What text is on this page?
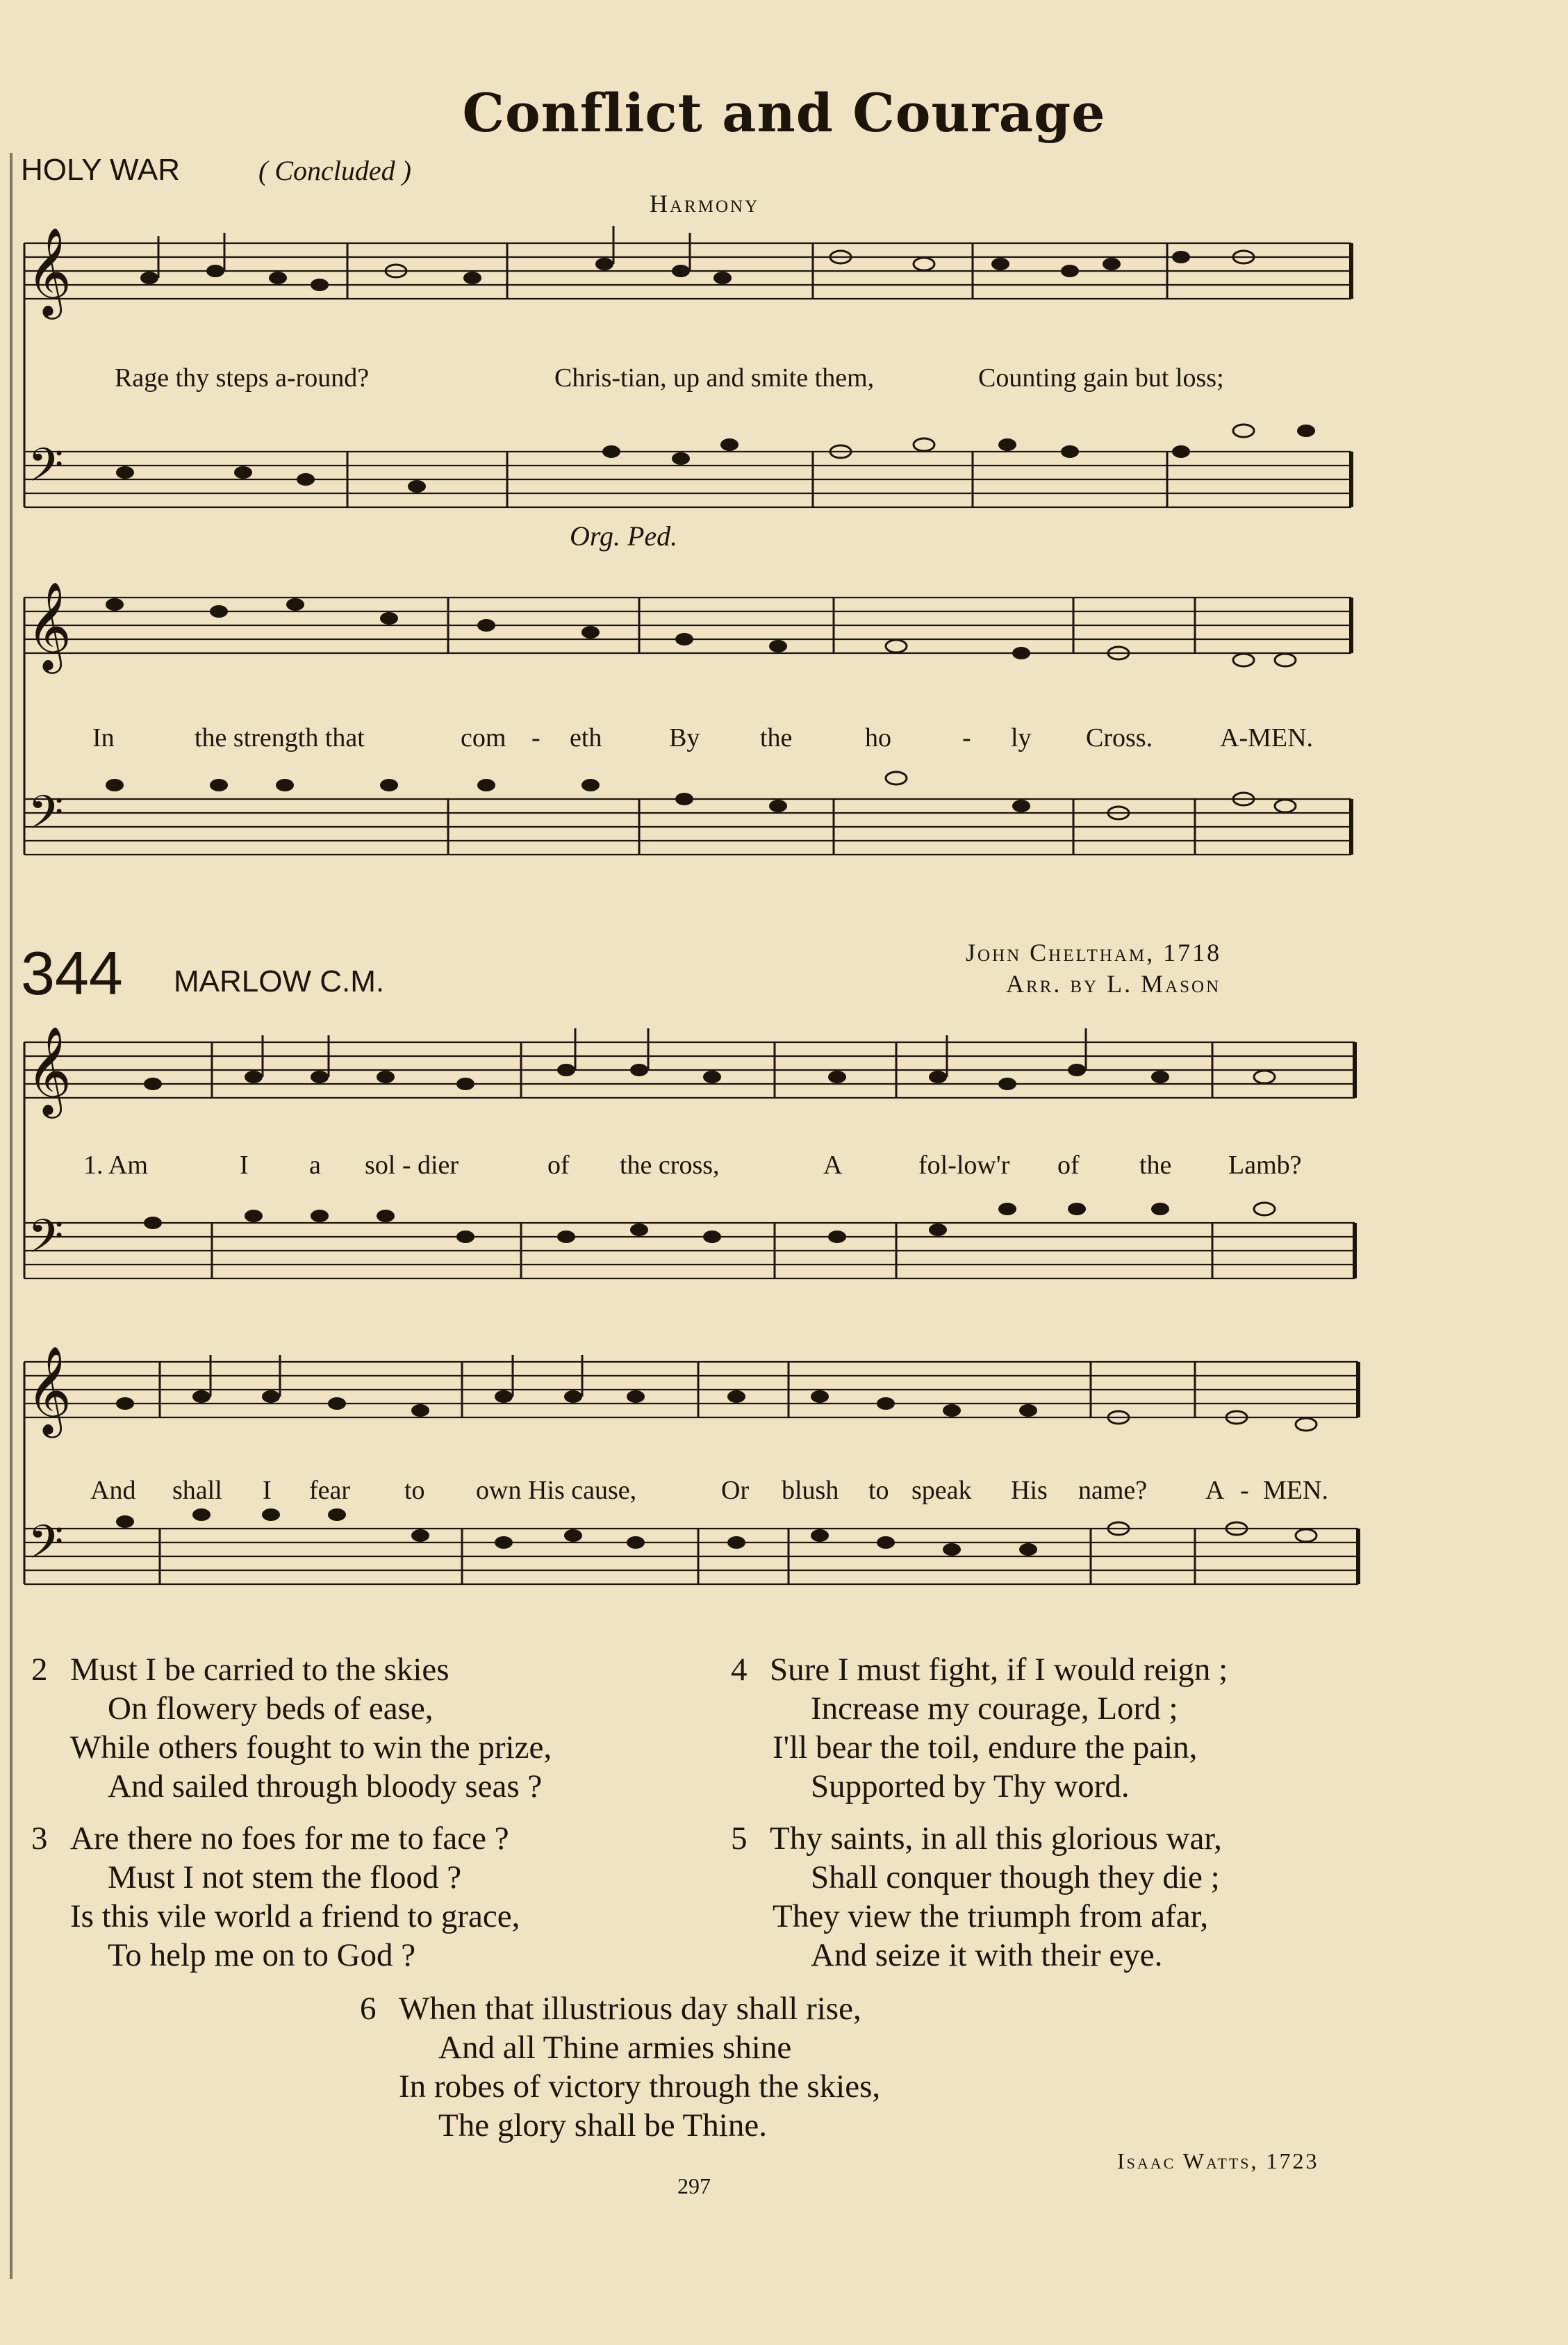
Conflict and Courage
HOLY WAR	( Concluded )
Harmony
𝄞
𝄢
Rage thy steps a-round?	Chris-tian, up and smite them,	Counting gain but loss;
Org. Ped.
𝄞
𝄢
In	the strength that	com - eth	By the	ho	- ly Cross.	A-MEN.
344 MARLOW C.M.
John Cheltham, 1718
Arr. by L. Mason
𝄞
𝄢
1. Am	I a sol - dier	of the cross,	A	fol-low'r of the Lamb?
𝄞
𝄢
And shall I fear to own His cause,	Or blush to speak His name? A - MEN.
2 Must I be carried to the skies
On flowery beds of ease,
While others fought to win the prize,
And sailed through bloody seas ?
3 Are there no foes for me to face ?
Must I not stem the flood ?
Is this vile world a friend to grace,
To help me on to God ?
4 Sure I must fight, if I would reign ;
Increase my courage, Lord ;
I'll bear the toil, endure the pain,
Supported by Thy word.
5 Thy saints, in all this glorious war,
Shall conquer though they die ;
They view the triumph from afar,
And seize it with their eye.
6 When that illustrious day shall rise,
And all Thine armies shine
In robes of victory through the skies,
The glory shall be Thine.
Isaac Watts, 1723
297
